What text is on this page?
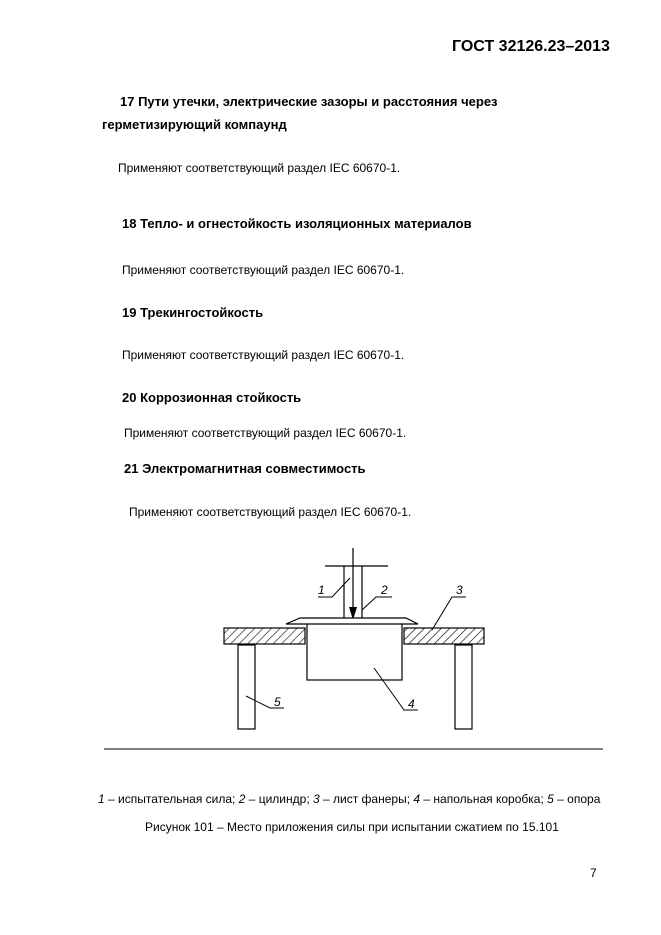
ГОСТ 32126.23–2013
17 Пути утечки, электрические зазоры и расстояния через
герметизирующий компаунд
Применяют соответствующий раздел IEC 60670-1.
18 Тепло- и огнестойкость изоляционных материалов
Применяют соответствующий раздел IEC 60670-1.
19 Трекингостойкость
Применяют соответствующий раздел IEC 60670-1.
20 Коррозионная стойкость
Применяют соответствующий раздел IEC 60670-1.
21 Электромагнитная совместимость
Применяют соответствующий раздел IEC 60670-1.
1	2	3
4
5
1 – испытательная сила; 2 – цилиндр; 3 – лист фанеры; 4 – напольная коробка; 5 – опора
Рисунок 101 – Место приложения силы при испытании сжатием по 15.101
7
